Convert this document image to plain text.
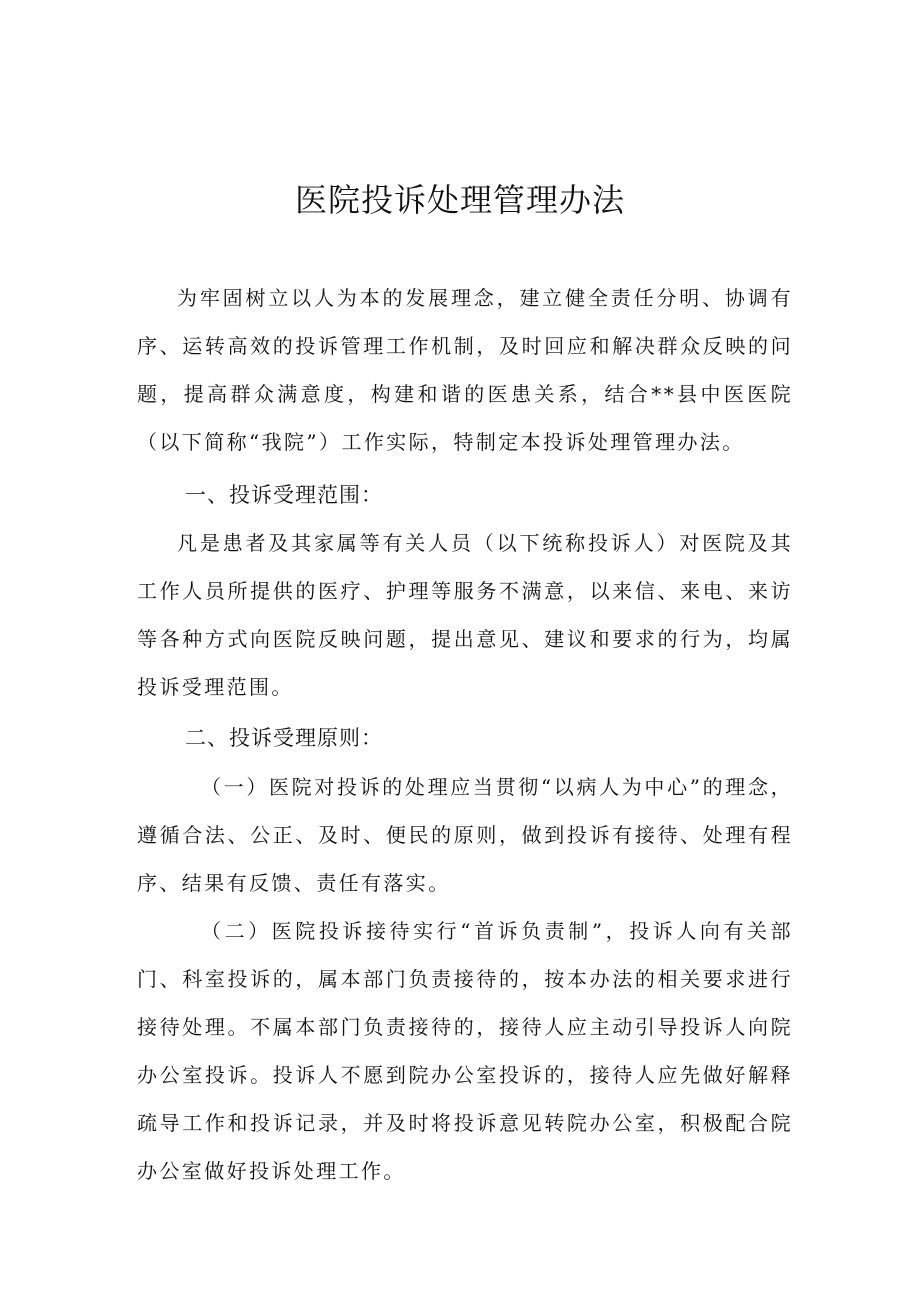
医院投诉处理管理办法

为牢固树立以人为本的发展理念，建立健全责任分明、协调有序、运转高效的投诉管理工作机制，及时回应和解决群众反映的问题，提高群众满意度，构建和谐的医患关系，结合**县中医医院（以下简称“我院”）工作实际，特制定本投诉处理管理办法。

一、投诉受理范围：

凡是患者及其家属等有关人员（以下统称投诉人）对医院及其工作人员所提供的医疗、护理等服务不满意，以来信、来电、来访等各种方式向医院反映问题，提出意见、建议和要求的行为，均属投诉受理范围。

二、投诉受理原则：

（一）医院对投诉的处理应当贯彻“以病人为中心”的理念，遵循合法、公正、及时、便民的原则，做到投诉有接待、处理有程序、结果有反馈、责任有落实。

（二）医院投诉接待实行“首诉负责制”，投诉人向有关部门、科室投诉的，属本部门负责接待的，按本办法的相关要求进行接待处理。不属本部门负责接待的，接待人应主动引导投诉人向院办公室投诉。投诉人不愿到院办公室投诉的，接待人应先做好解释疏导工作和投诉记录，并及时将投诉意见转院办公室，积极配合院办公室做好投诉处理工作。
